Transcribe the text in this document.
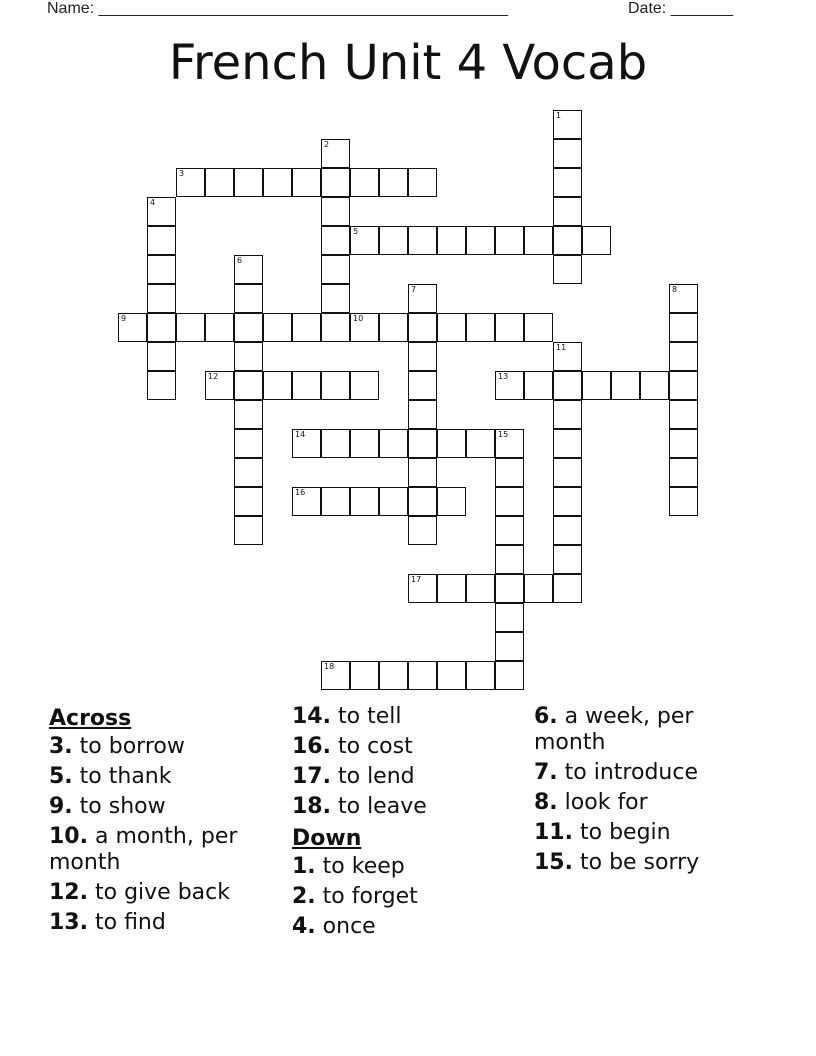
Name: ______________________________________________	Date: _______
French Unit 4 Vocab
1
2
3
4
5
6
7	8
9	10
11
12	13
14	15
16
17
18
Across
3. to borrow
5. to thank
9. to show
10. a month, per month
12. to give back
13. to find
14. to tell
16. to cost
17. to lend
18. to leave
Down
1. to keep
2. to forget
4. once
6. a week, per month
7. to introduce
8. look for
11. to begin
15. to be sorry
